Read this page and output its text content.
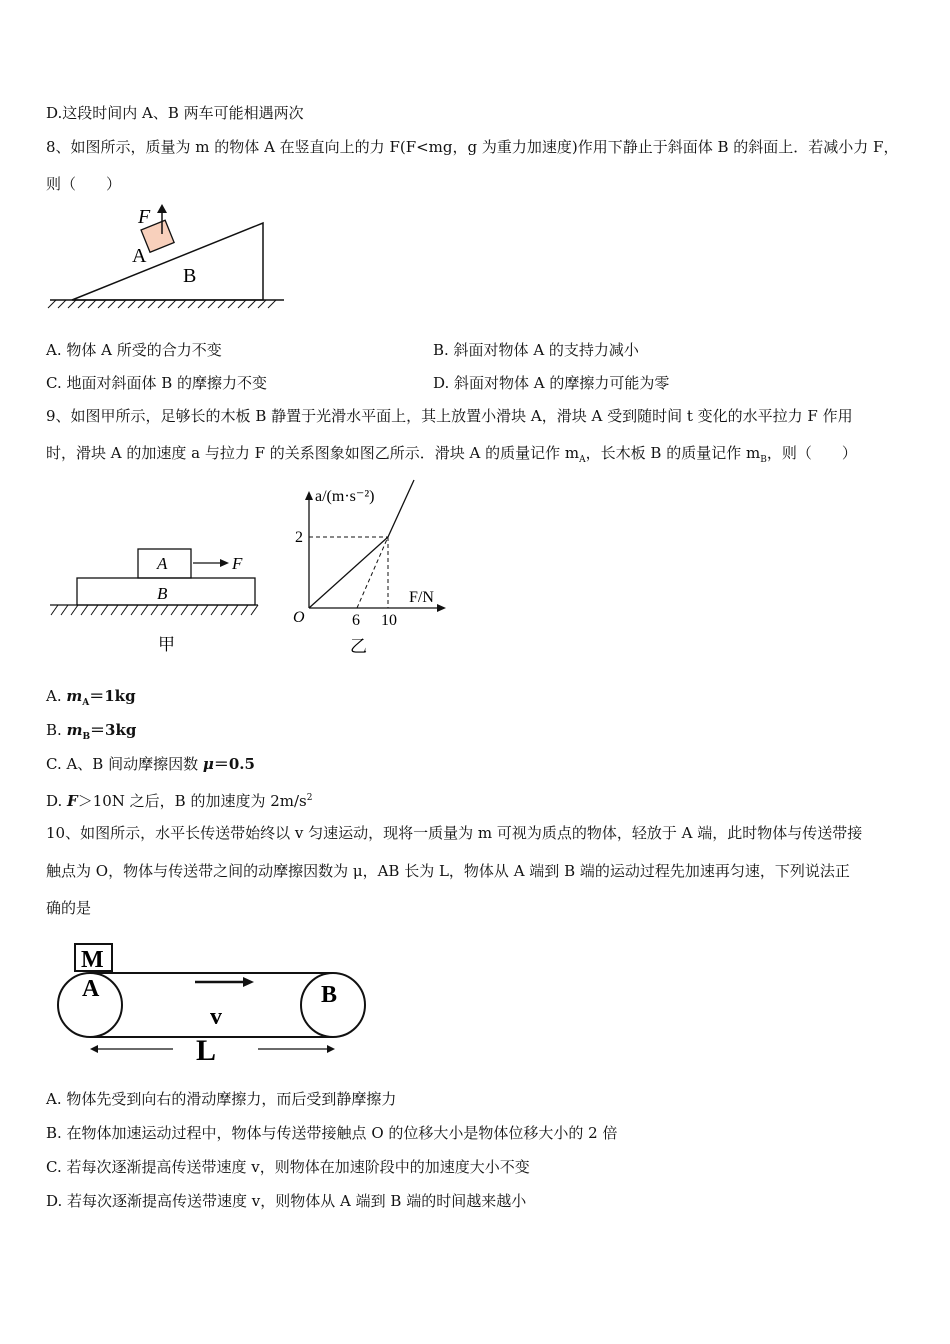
D.这段时间内 A、B 两车可能相遇两次
8、如图所示，质量为 m 的物体 A 在竖直向上的力 F(F<mg，g 为重力加速度)作用下静止于斜面体 B 的斜面上．若减小力 F，
则（　　）
F
A
B
A. 物体 A 所受的合力不变	B. 斜面对物体 A 的支持力减小
C. 地面对斜面体 B 的摩擦力不变	D. 斜面对物体 A 的摩擦力可能为零
9、如图甲所示，足够长的木板 B 静置于光滑水平面上，其上放置小滑块 A，滑块 A 受到随时间 t 变化的水平拉力 F 作用
时，滑块 A 的加速度 a 与拉力 F 的关系图象如图乙所示．滑块 A 的质量记作 $m_A$，长木板 B 的质量记作 $m_B$，则（　　）
A	F
B
甲
a/(m·s⁻²)
F/N
O
2
6 10
乙
A. $m_A=1kg$
B. $m_B=3kg$
C. A、B 间动摩擦因数 μ＝0.5
D. F＞10N 之后，B 的加速度为 $2m/s^2$
10、如图所示，水平长传送带始终以 v 匀速运动，现将一质量为 m 可视为质点的物体，轻放于 A 端，此时物体与传送带接
触点为 O，物体与传送带之间的动摩擦因数为 μ，AB 长为 L，物体从 A 端到 B 端的运动过程先加速再匀速，下列说法正
确的是
M
A	B
v
L
A. 物体先受到向右的滑动摩擦力，而后受到静摩擦力
B. 在物体加速运动过程中，物体与传送带接触点 O 的位移大小是物体位移大小的 2 倍
C. 若每次逐渐提高传送带速度 v，则物体在加速阶段中的加速度大小不变
D. 若每次逐渐提高传送带速度 v，则物体从 A 端到 B 端的时间越来越小
